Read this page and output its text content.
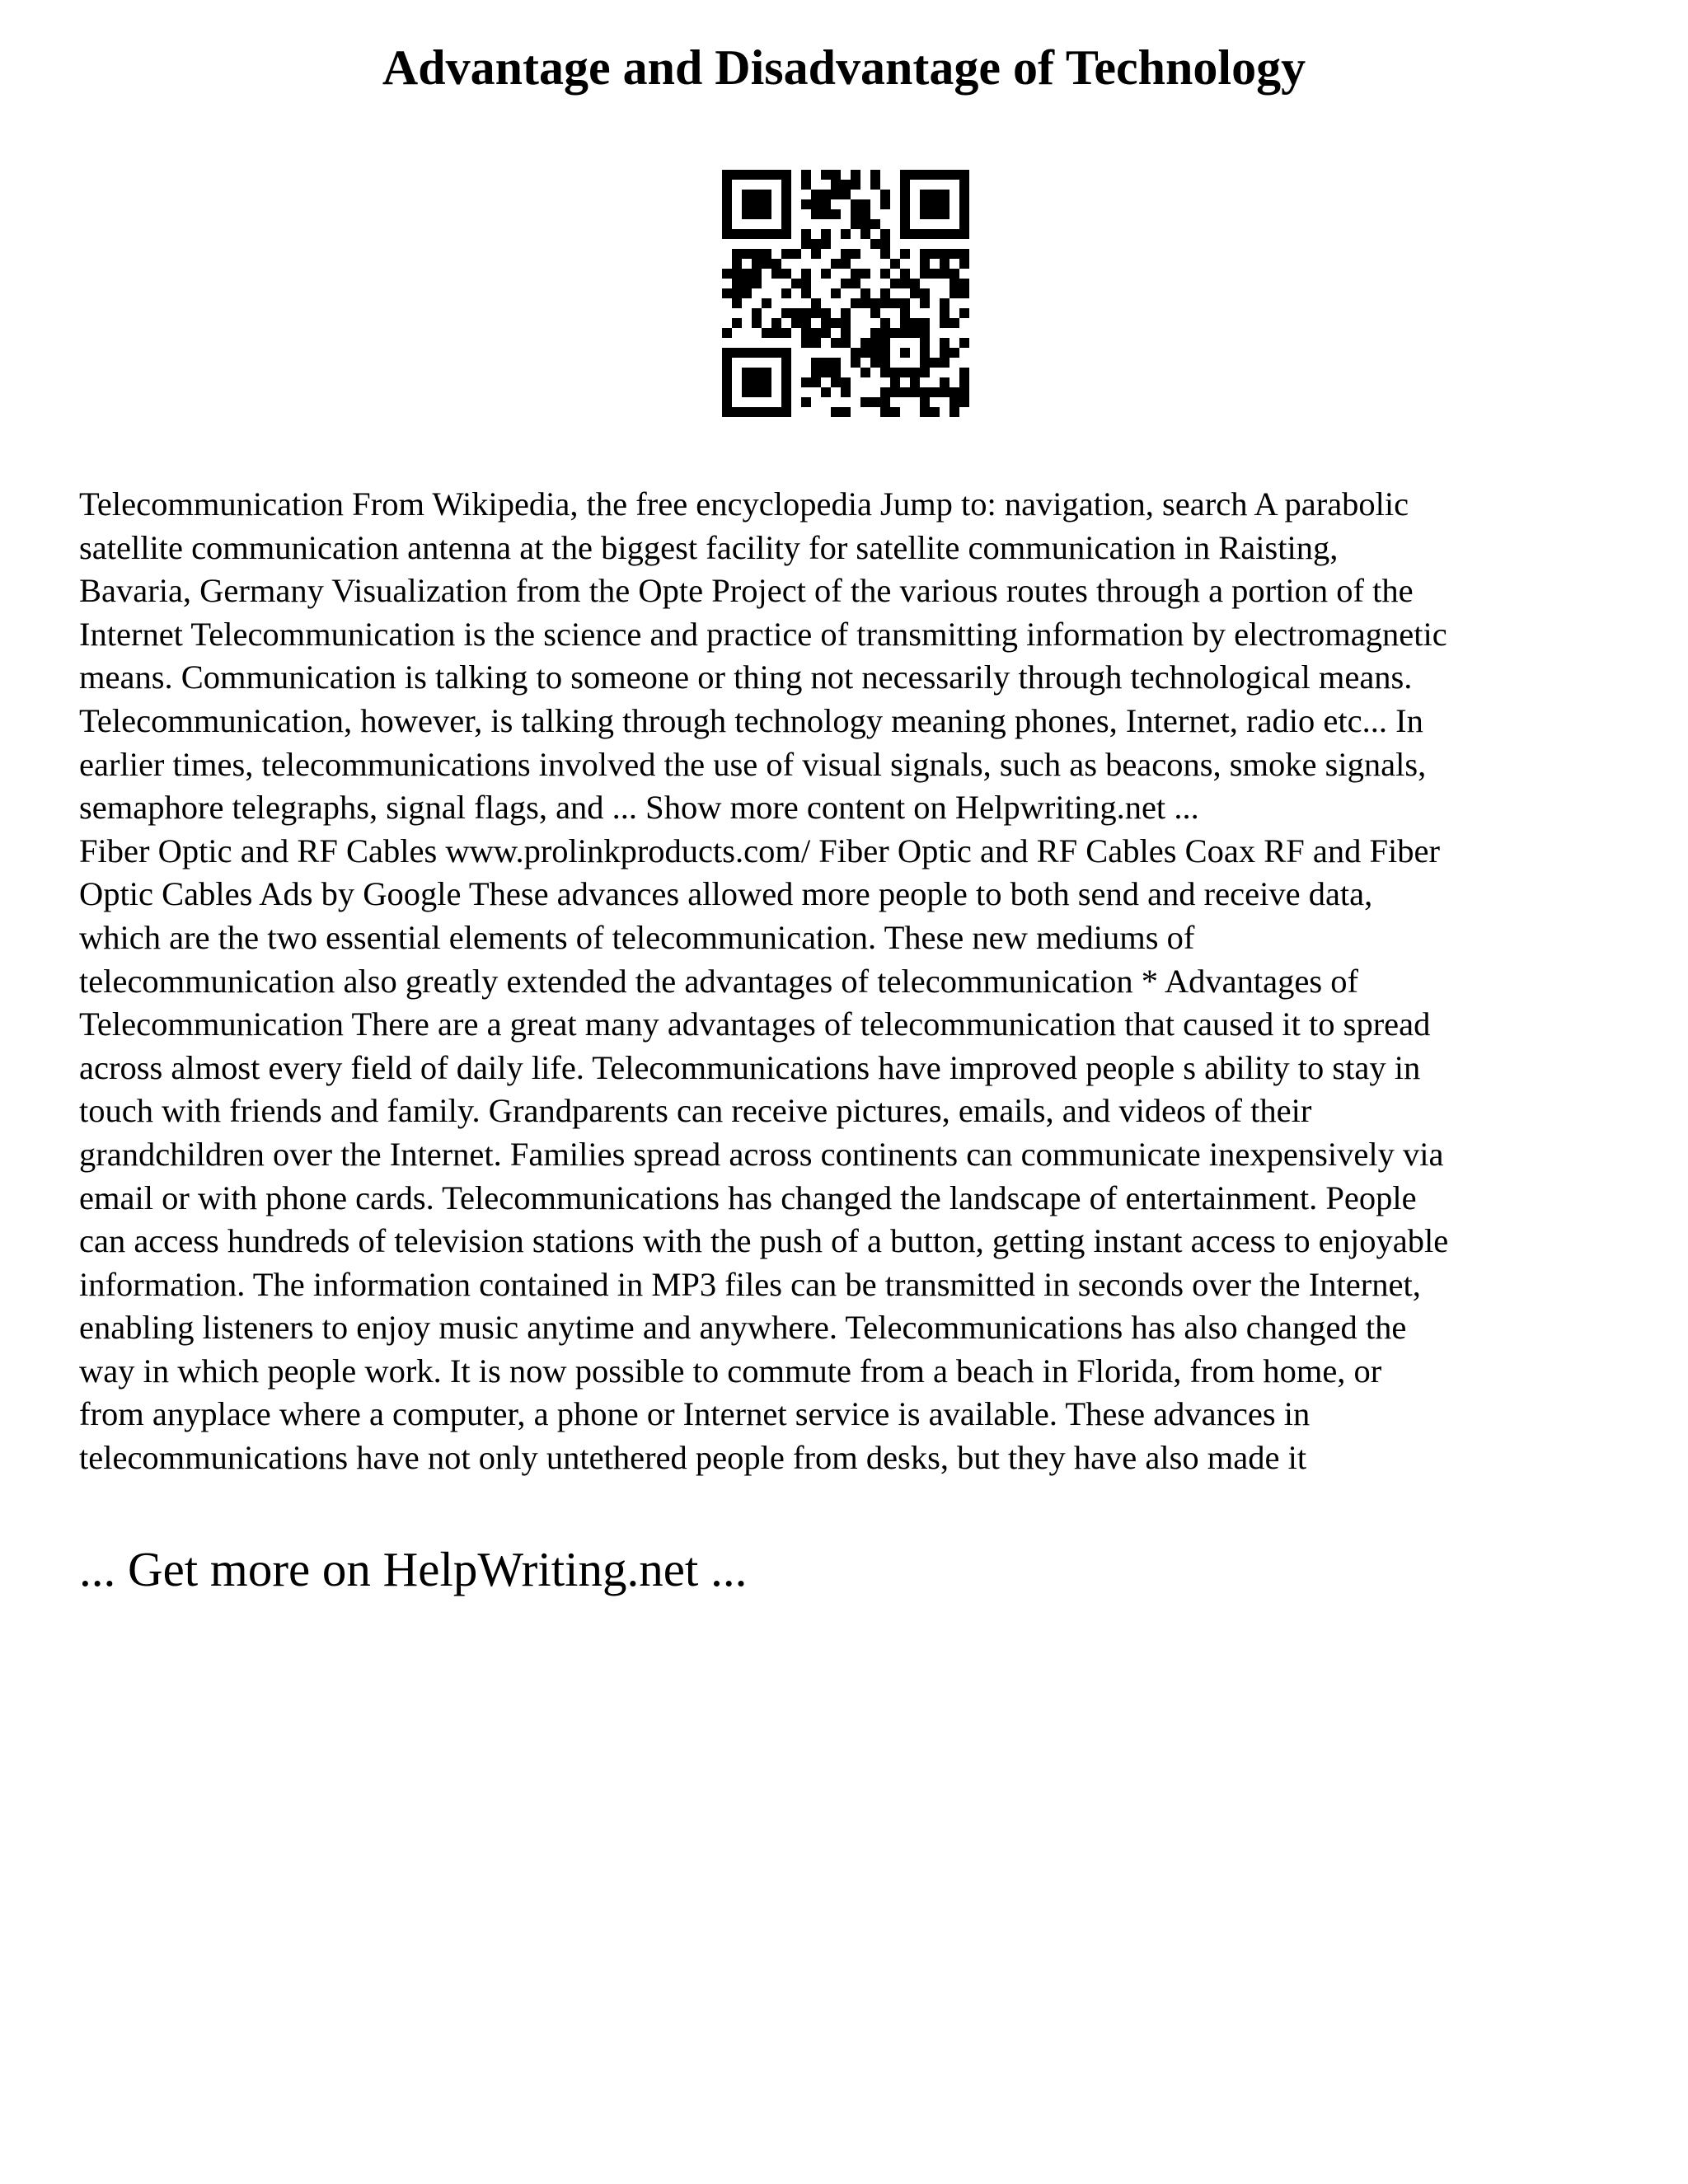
Advantage and Disadvantage of Technology
Telecommunication From Wikipedia, the free encyclopedia Jump to: navigation, search A parabolic
satellite communication antenna at the biggest facility for satellite communication in Raisting,
Bavaria, Germany Visualization from the Opte Project of the various routes through a portion of the
Internet Telecommunication is the science and practice of transmitting information by electromagnetic
means. Communication is talking to someone or thing not necessarily through technological means.
Telecommunication, however, is talking through technology meaning phones, Internet, radio etc... In
earlier times, telecommunications involved the use of visual signals, such as beacons, smoke signals,
semaphore telegraphs, signal flags, and ... Show more content on Helpwriting.net ...
Fiber Optic and RF Cables www.prolinkproducts.com/ Fiber Optic and RF Cables Coax RF and Fiber
Optic Cables Ads by Google These advances allowed more people to both send and receive data,
which are the two essential elements of telecommunication. These new mediums of
telecommunication also greatly extended the advantages of telecommunication * Advantages of
Telecommunication There are a great many advantages of telecommunication that caused it to spread
across almost every field of daily life. Telecommunications have improved people s ability to stay in
touch with friends and family. Grandparents can receive pictures, emails, and videos of their
grandchildren over the Internet. Families spread across continents can communicate inexpensively via
email or with phone cards. Telecommunications has changed the landscape of entertainment. People
can access hundreds of television stations with the push of a button, getting instant access to enjoyable
information. The information contained in MP3 files can be transmitted in seconds over the Internet,
enabling listeners to enjoy music anytime and anywhere. Telecommunications has also changed the
way in which people work. It is now possible to commute from a beach in Florida, from home, or
from anyplace where a computer, a phone or Internet service is available. These advances in
telecommunications have not only untethered people from desks, but they have also made it

... Get more on HelpWriting.net ...
